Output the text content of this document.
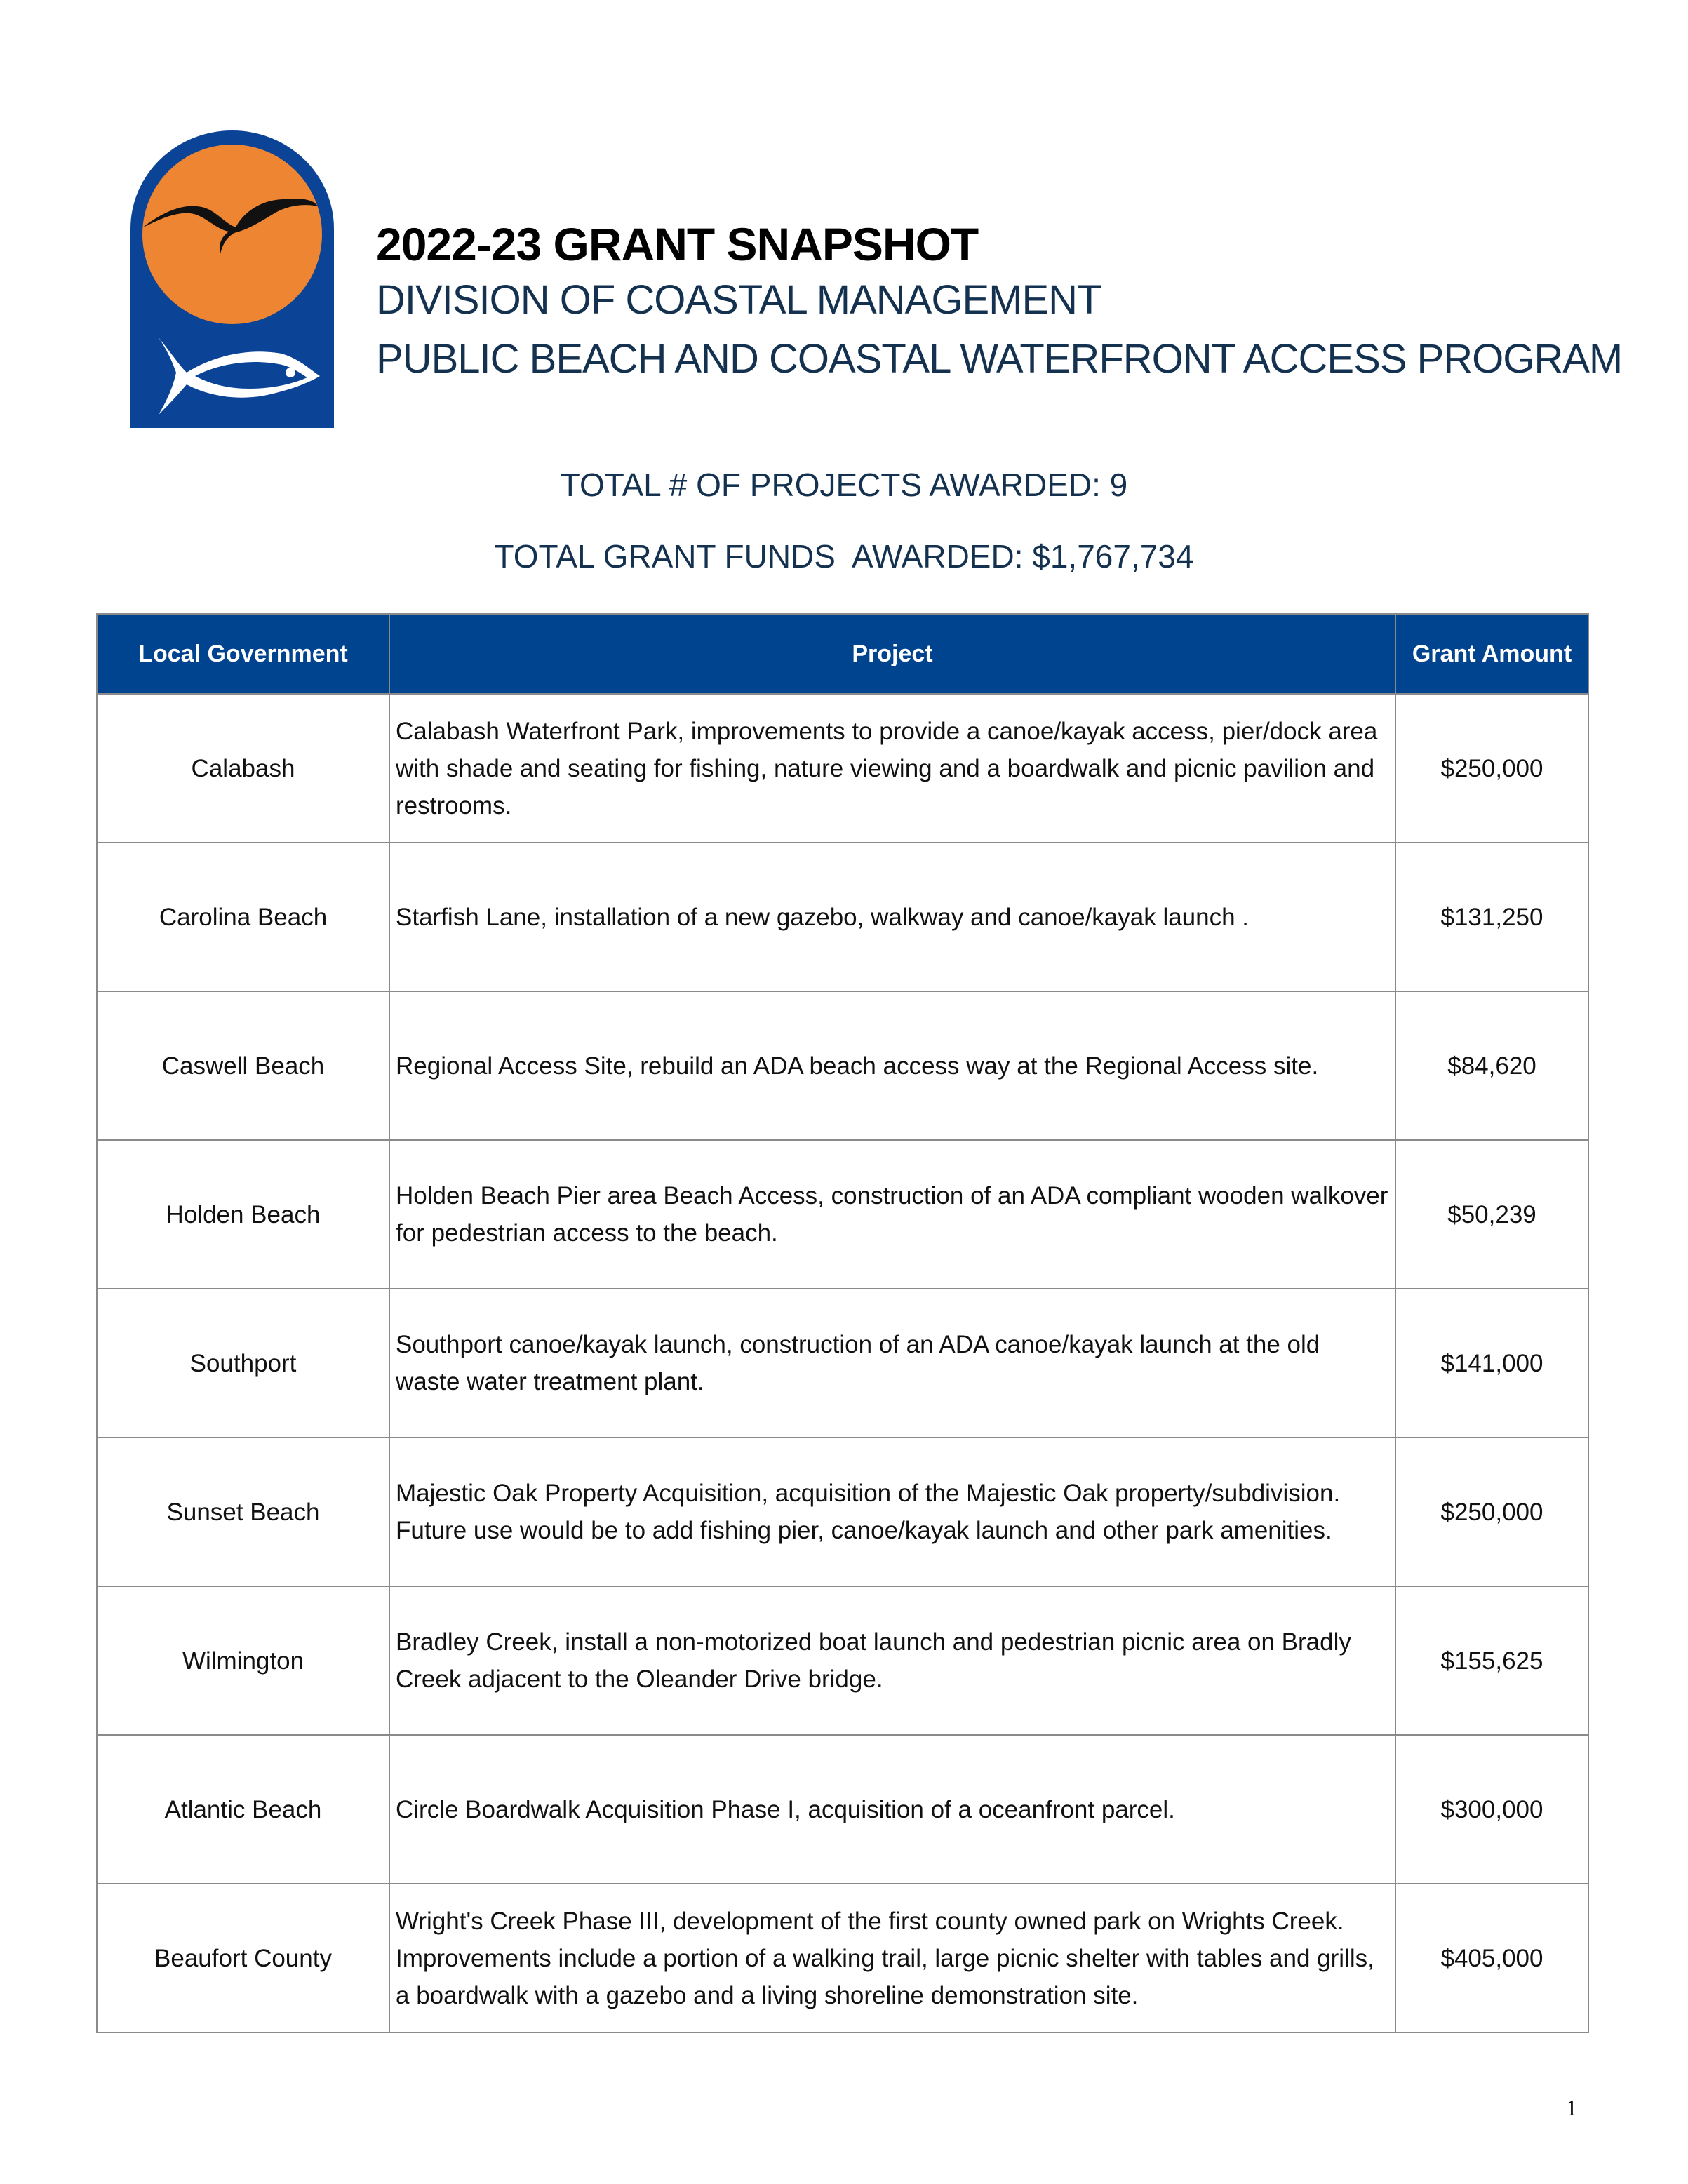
2022-23 GRANT SNAPSHOT
DIVISION OF COASTAL MANAGEMENT
PUBLIC BEACH AND COASTAL WATERFRONT ACCESS PROGRAM
TOTAL # OF PROJECTS AWARDED: 9
TOTAL GRANT FUNDS  AWARDED: $1,767,734
Local Government	Project	Grant Amount
Calabash	Calabash Waterfront Park, improvements to provide a canoe/kayak access, pier/dock area with shade and seating for fishing, nature viewing and a boardwalk and picnic pavilion and restrooms.	$250,000
Carolina Beach	Starfish Lane, installation of a new gazebo, walkway and canoe/kayak launch .	$131,250
Caswell Beach	Regional Access Site, rebuild an ADA beach access way at the Regional Access site.	$84,620
Holden Beach	Holden Beach Pier area Beach Access, construction of an ADA compliant wooden walkover for pedestrian access to the beach.	$50,239
Southport	Southport canoe/kayak launch, construction of an ADA canoe/kayak launch at the old waste water treatment plant.	$141,000
Sunset Beach	Majestic Oak Property Acquisition, acquisition of the Majestic Oak property/subdivision. Future use would be to add fishing pier, canoe/kayak launch and other park amenities.	$250,000
Wilmington	Bradley Creek, install a non-motorized boat launch and pedestrian picnic area on Bradly Creek adjacent to the Oleander Drive bridge.	$155,625
Atlantic Beach	Circle Boardwalk Acquisition Phase I, acquisition of a oceanfront parcel.	$300,000
Beaufort County	Wright's Creek Phase III, development of the first county owned park on Wrights Creek. Improvements include a portion of a walking trail, large picnic shelter with tables and grills, a boardwalk with a gazebo and a living shoreline demonstration site.	$405,000
1
